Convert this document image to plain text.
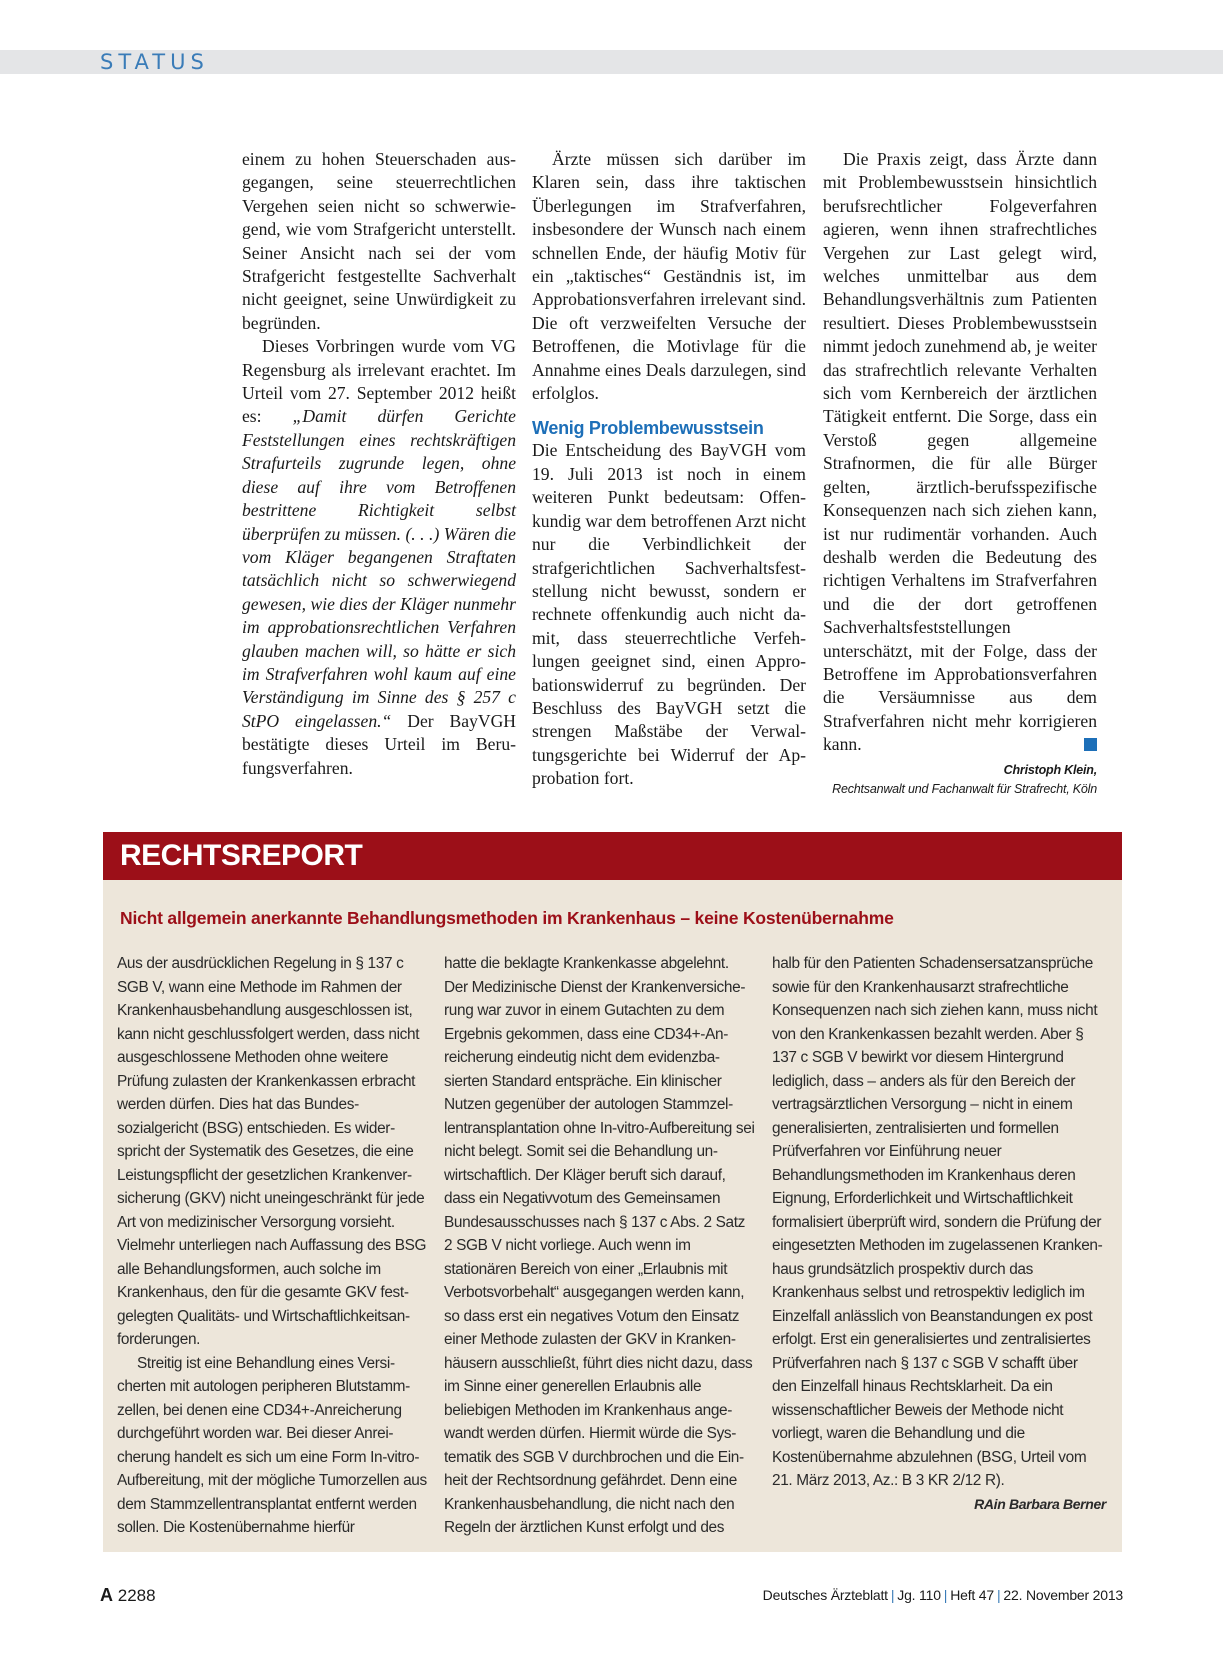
STATUS

einem zu hohen Steuerschaden ausgegangen, seine steuerrechtlichen Vergehen seien nicht so schwerwiegend, wie vom Strafgericht unterstellt. Seiner Ansicht nach sei der vom Strafgericht festgestellte Sachverhalt nicht geeignet, seine Unwürdigkeit zu begründen.

Dieses Vorbringen wurde vom VG Regensburg als irrelevant erachtet. Im Urteil vom 27. September 2012 heißt es: „Damit dürfen Gerichte Feststellungen eines rechtskräftigen Strafurteils zugrunde legen, ohne diese auf ihre vom Betroffenen bestrittene Richtigkeit selbst überprüfen zu müssen. (. . .) Wären die vom Kläger begangenen Straftaten tatsächlich nicht so schwerwiegend gewesen, wie dies der Kläger nunmehr im approbationsrechtlichen Verfahren glauben machen will, so hätte er sich im Strafverfahren wohl kaum auf eine Verständigung im Sinne des § 257 c StPO eingelassen.“ Der BayVGH bestätigte dieses Urteil im Berufungsverfahren.

Ärzte müssen sich darüber im Klaren sein, dass ihre taktischen Überlegungen im Strafverfahren, insbesondere der Wunsch nach einem schnellen Ende, der häufig Motiv für ein „taktisches“ Geständnis ist, im Approbationsverfahren irrelevant sind. Die oft verzweifelten Versuche der Betroffenen, die Motivlage für die Annahme eines Deals darzulegen, sind erfolglos.

Wenig Problembewusstsein

Die Entscheidung des BayVGH vom 19. Juli 2013 ist noch in einem weiteren Punkt bedeutsam: Offenkundig war dem betroffenen Arzt nicht nur die Verbindlichkeit der strafgerichtlichen Sachverhaltsfeststellung nicht bewusst, sondern er rechnete offenkundig auch nicht damit, dass steuerrechtliche Verfehlungen geeignet sind, einen Approbationswiderruf zu begründen. Der Beschluss des BayVGH setzt die strengen Maßstäbe der Verwaltungsgerichte bei Widerruf der Approbation fort.

Die Praxis zeigt, dass Ärzte dann mit Problembewusstsein hinsichtlich berufsrechtlicher Folgeverfahren agieren, wenn ihnen strafrechtliches Vergehen zur Last gelegt wird, welches unmittelbar aus dem Behandlungsverhältnis zum Patienten resultiert. Dieses Problembewusstsein nimmt jedoch zunehmend ab, je weiter das strafrechtlich relevante Verhalten sich vom Kernbereich der ärztlichen Tätigkeit entfernt. Die Sorge, dass ein Verstoß gegen allgemeine Strafnormen, die für alle Bürger gelten, ärztlich-berufsspezifische Konsequenzen nach sich ziehen kann, ist nur rudimentär vorhanden. Auch deshalb werden die Bedeutung des richtigen Verhaltens im Strafverfahren und die der dort getroffenen Sachverhaltsfeststellungen unterschätzt, mit der Folge, dass der Betroffene im Approbationsverfahren die Versäumnisse aus dem Strafverfahren nicht mehr korrigieren kann.

Christoph Klein,
Rechtsanwalt und Fachanwalt für Strafrecht, Köln
RECHTSREPORT
Nicht allgemein anerkannte Behandlungsmethoden im Krankenhaus – keine Kostenübernahme

Aus der ausdrücklichen Regelung in § 137 c SGB V, wann eine Methode im Rahmen der Krankenhausbehandlung ausgeschlossen ist, kann nicht geschlussfolgert werden, dass nicht ausgeschlossene Methoden ohne weitere Prüfung zulasten der Krankenkassen erbracht werden dürfen. Dies hat das Bundessozialgericht (BSG) entschieden. Es widerspricht der Systematik des Gesetzes, die eine Leistungspflicht der gesetzlichen Krankenversicherung (GKV) nicht uneingeschränkt für jede Art von medizinischer Versorgung vorsieht. Vielmehr unterliegen nach Auffassung des BSG alle Behandlungsformen, auch solche im Krankenhaus, den für die gesamte GKV festgelegten Qualitäts- und Wirtschaftlichkeitsanforderungen.

Streitig ist eine Behandlung eines Versicherten mit autologen peripheren Blutstammzellen, bei denen eine CD34+-Anreicherung durchgeführt worden war. Bei dieser Anreicherung handelt es sich um eine Form In-vitro-Aufbereitung, mit der mögliche Tumorzellen aus dem Stammzellentransplantat entfernt werden sollen. Die Kostenübernahme hierfür

hatte die beklagte Krankenkasse abgelehnt. Der Medizinische Dienst der Krankenversicherung war zuvor in einem Gutachten zu dem Ergebnis gekommen, dass eine CD34+-Anreicherung eindeutig nicht dem evidenzbasierten Standard entspräche. Ein klinischer Nutzen gegenüber der autologen Stammzellentransplantation ohne In-vitro-Aufbereitung sei nicht belegt. Somit sei die Behandlung unwirtschaftlich. Der Kläger beruft sich darauf, dass ein Negativvotum des Gemeinsamen Bundesausschusses nach § 137 c Abs. 2 Satz 2 SGB V nicht vorliege. Auch wenn im stationären Bereich von einer „Erlaubnis mit Verbotsvorbehalt“ ausgegangen werden kann, so dass erst ein negatives Votum den Einsatz einer Methode zulasten der GKV in Krankenhäusern ausschließt, führt dies nicht dazu, dass im Sinne einer generellen Erlaubnis alle beliebigen Methoden im Krankenhaus angewandt werden dürfen. Hiermit würde die Systematik des SGB V durchbrochen und die Einheit der Rechtsordnung gefährdet. Denn eine Krankenhausbehandlung, die nicht nach den Regeln der ärztlichen Kunst erfolgt und des

halb für den Patienten Schadensersatzansprüche sowie für den Krankenhausarzt strafrechtliche Konsequenzen nach sich ziehen kann, muss nicht von den Krankenkassen bezahlt werden. Aber § 137 c SGB V bewirkt vor diesem Hintergrund lediglich, dass – anders als für den Bereich der vertragsärztlichen Versorgung – nicht in einem generalisierten, zentralisierten und formellen Prüfverfahren vor Einführung neuer Behandlungsmethoden im Krankenhaus deren Eignung, Erforderlichkeit und Wirtschaftlichkeit formalisiert überprüft wird, sondern die Prüfung der eingesetzten Methoden im zugelassenen Krankenhaus grundsätzlich prospektiv durch das Krankenhaus selbst und retrospektiv lediglich im Einzelfall anlässlich von Beanstandungen ex post erfolgt. Erst ein generalisiertes und zentralisiertes Prüfverfahren nach § 137 c SGB V schafft über den Einzelfall hinaus Rechtsklarheit. Da ein wissenschaftlicher Beweis der Methode nicht vorliegt, waren die Behandlung und die Kostenübernahme abzulehnen (BSG, Urteil vom 21. März 2013, Az.: B 3 KR 2/12 R).
RAin Barbara Berner

A 2288	Deutsches Ärzteblatt | Jg. 110 | Heft 47 | 22. November 2013
